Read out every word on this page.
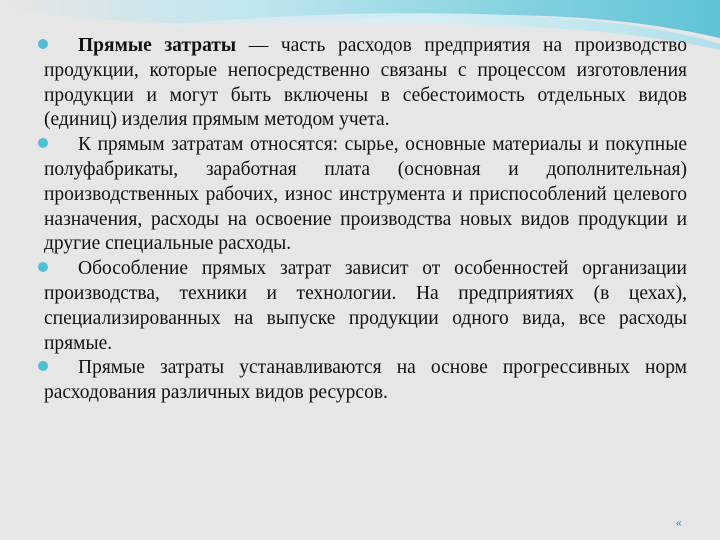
Прямые затраты — часть расходов предприятия на производство продукции, которые непосредственно связаны с процессом изготовления продукции и могут быть включены в себестоимость отдельных видов (единиц) изделия прямым методом учета.

К прямым затратам относятся: сырье, основные материалы и покупные полуфабрикаты, заработная плата (основная и дополнительная) производственных рабочих, износ инструмента и приспособлений целевого назначения, расходы на освоение производства новых видов продукции и другие специальные расходы.

Обособление прямых затрат зависит от особенностей организации производства, техники и технологии. На предприятиях (в цехах), специализированных на выпуске продукции одного вида, все расходы прямые.

Прямые затраты устанавливаются на основе прогрессивных норм расходования различных видов ресурсов.

«
